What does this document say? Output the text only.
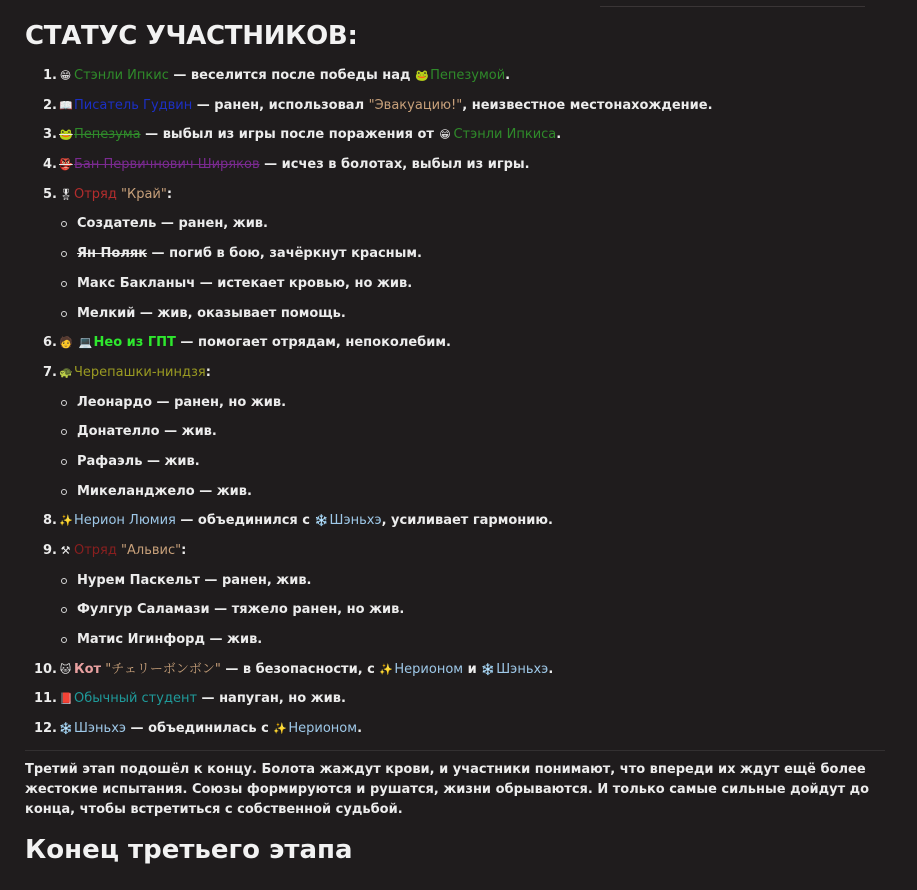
СТАТУС УЧАСТНИКОВ:
1. 😁 Стэнли Ипкис — веселится после победы над 🐸Пепезумой.
2. 📖Писатель Гудвин — ранен, использовал "Эвакуацию!", неизвестное местонахождение.
3. 🐸Пепезума — выбыл из игры после поражения от 😁 Стэнли Ипкиса.
4. 👺Бан Первичнович Ширяков — исчез в болотах, выбыл из игры.
5. 🎖Отряд "Край":
Создатель — ранен, жив.
Ян Поляк — погиб в бою, зачёркнут красным.
Макс Бакланыч — истекает кровью, но жив.
Мелкий — жив, оказывает помощь.
6. 🧑 💻Нео из ГПТ — помогает отрядам, непоколебим.
7. 🐢Черепашки-ниндзя:
Леонардо — ранен, но жив.
Донателло — жив.
Рафаэль — жив.
Микеланджело — жив.
8. ✨Нерион Люмия — объединился с ❄️Шэньхэ, усиливает гармонию.
9. ⚒ Отряд "Альвис":
Нурем Паскельт — ранен, жив.
Фулгур Саламази — тяжело ранен, но жив.
Матис Игинфорд — жив.
10. 🐱 Кот "チェリーボンボン" — в безопасности, с ✨Нерионом и ❄️Шэньхэ.
11. 📕Обычный студент — напуган, но жив.
12. ❄️Шэньхэ — объединилась с ✨Нерионом.

Третий этап подошёл к концу. Болота жаждут крови, и участники понимают, что впереди их ждут ещё более жестокие испытания. Союзы формируются и рушатся, жизни обрываются. И только самые сильные дойдут до конца, чтобы встретиться с собственной судьбой.

Конец третьего этапа
